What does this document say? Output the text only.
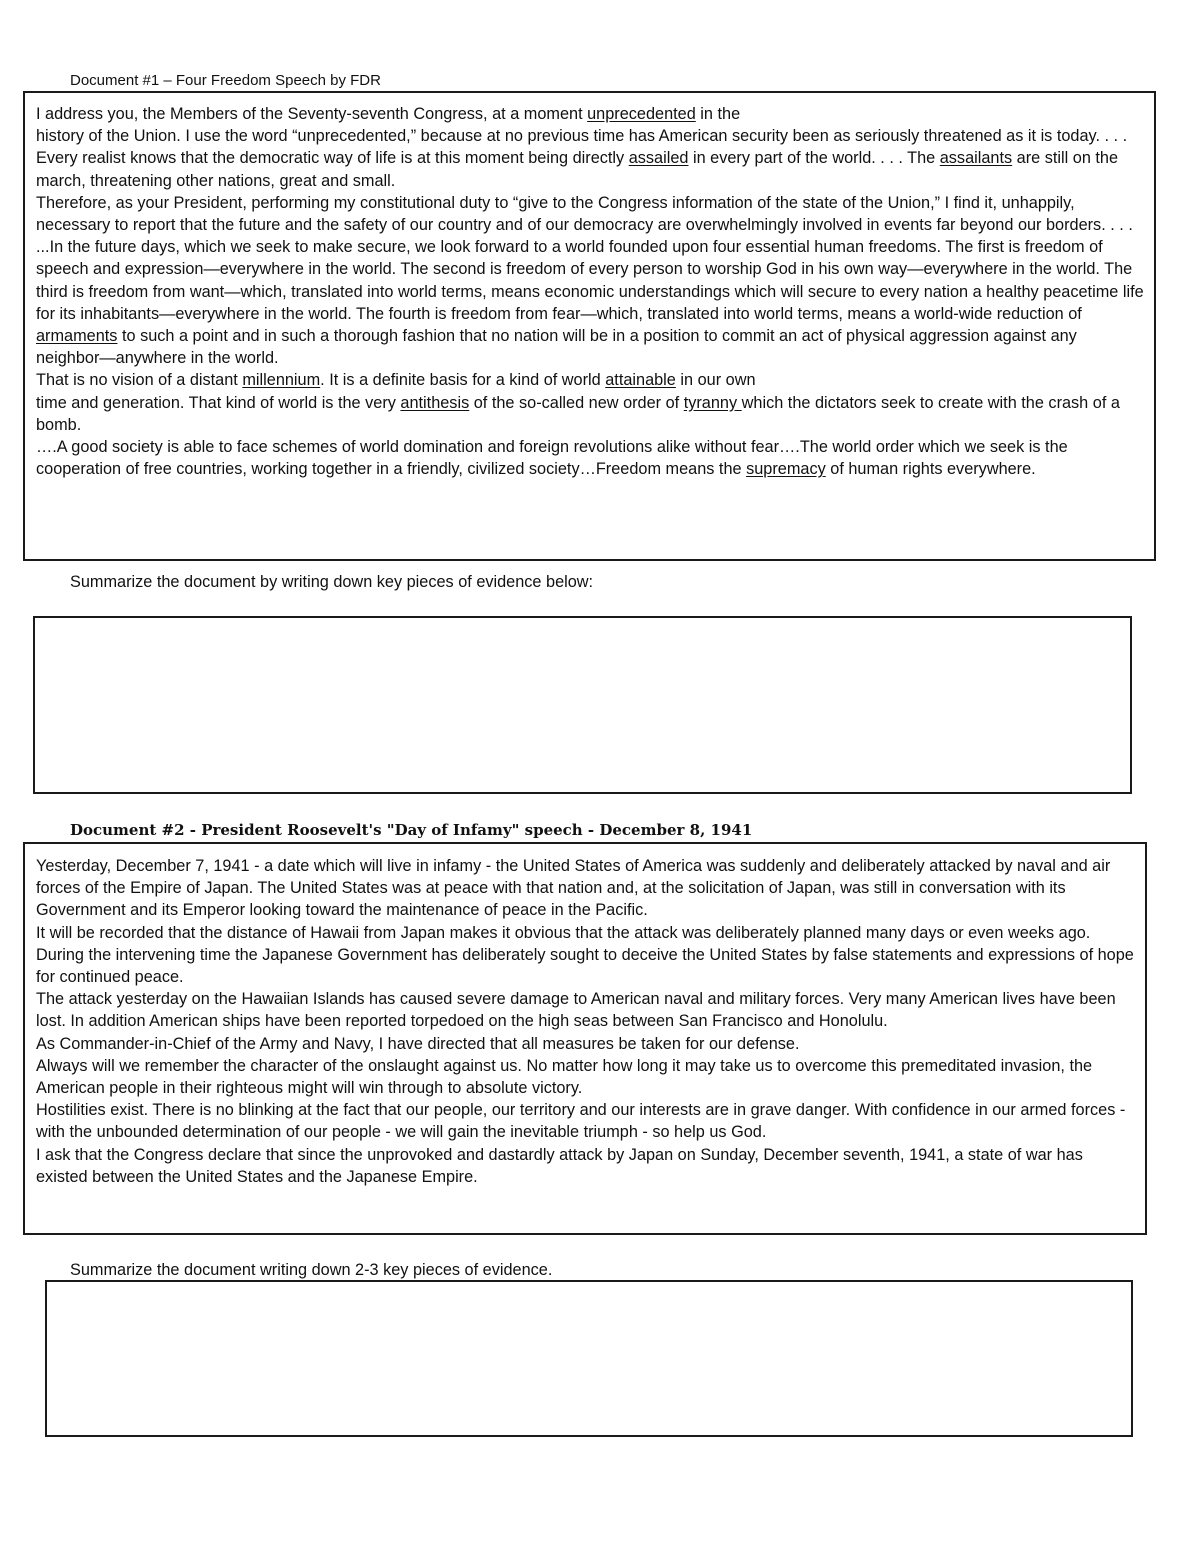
Document #1 – Four Freedom Speech by FDR
I address you, the Members of the Seventy-seventh Congress, at a moment unprecedented in the
history of the Union. I use the word “unprecedented,” because at no previous time has American security been as seriously threatened as it is today. . . .
Every realist knows that the democratic way of life is at this moment being directly assailed in every part of the world. . . . The assailants are still on the march, threatening other nations, great and small.
Therefore, as your President, performing my constitutional duty to “give to the Congress information of the state of the Union,” I find it, unhappily, necessary to report that the future and the safety of our country and of our democracy are overwhelmingly involved in events far beyond our borders. . . .
...In the future days, which we seek to make secure, we look forward to a world founded upon four essential human freedoms. The first is freedom of speech and expression—everywhere in the world. The second is freedom of every person to worship God in his own way—everywhere in the world. The third is freedom from want—which, translated into world terms, means economic understandings which will secure to every nation a healthy peacetime life for its inhabitants—everywhere in the world. The fourth is freedom from fear—which, translated into world terms, means a world-wide reduction of armaments to such a point and in such a thorough fashion that no nation will be in a position to commit an act of physical aggression against any neighbor—anywhere in the world.
That is no vision of a distant millennium. It is a definite basis for a kind of world attainable in our own
time and generation. That kind of world is the very antithesis of the so-called new order of tyranny which the dictators seek to create with the crash of a bomb.
….A good society is able to face schemes of world domination and foreign revolutions alike without fear….The world order which we seek is the cooperation of free countries, working together in a friendly, civilized society…Freedom means the supremacy of human rights everywhere.
Summarize the document by writing down key pieces of evidence below:
Document #2 - President Roosevelt's "Day of Infamy" speech - December 8, 1941
Yesterday, December 7, 1941 - a date which will live in infamy - the United States of America was suddenly and deliberately attacked by naval and air forces of the Empire of Japan. The United States was at peace with that nation and, at the solicitation of Japan, was still in conversation with its Government and its Emperor looking toward the maintenance of peace in the Pacific.
It will be recorded that the distance of Hawaii from Japan makes it obvious that the attack was deliberately planned many days or even weeks ago. During the intervening time the Japanese Government has deliberately sought to deceive the United States by false statements and expressions of hope for continued peace.
The attack yesterday on the Hawaiian Islands has caused severe damage to American naval and military forces. Very many American lives have been lost. In addition American ships have been reported torpedoed on the high seas between San Francisco and Honolulu.
As Commander-in-Chief of the Army and Navy, I have directed that all measures be taken for our defense.
Always will we remember the character of the onslaught against us. No matter how long it may take us to overcome this premeditated invasion, the American people in their righteous might will win through to absolute victory.
Hostilities exist. There is no blinking at the fact that our people, our territory and our interests are in grave danger. With confidence in our armed forces - with the unbounded determination of our people - we will gain the inevitable triumph - so help us God.
I ask that the Congress declare that since the unprovoked and dastardly attack by Japan on Sunday, December seventh, 1941, a state of war has existed between the United States and the Japanese Empire.
Summarize the document writing down 2-3 key pieces of evidence.
